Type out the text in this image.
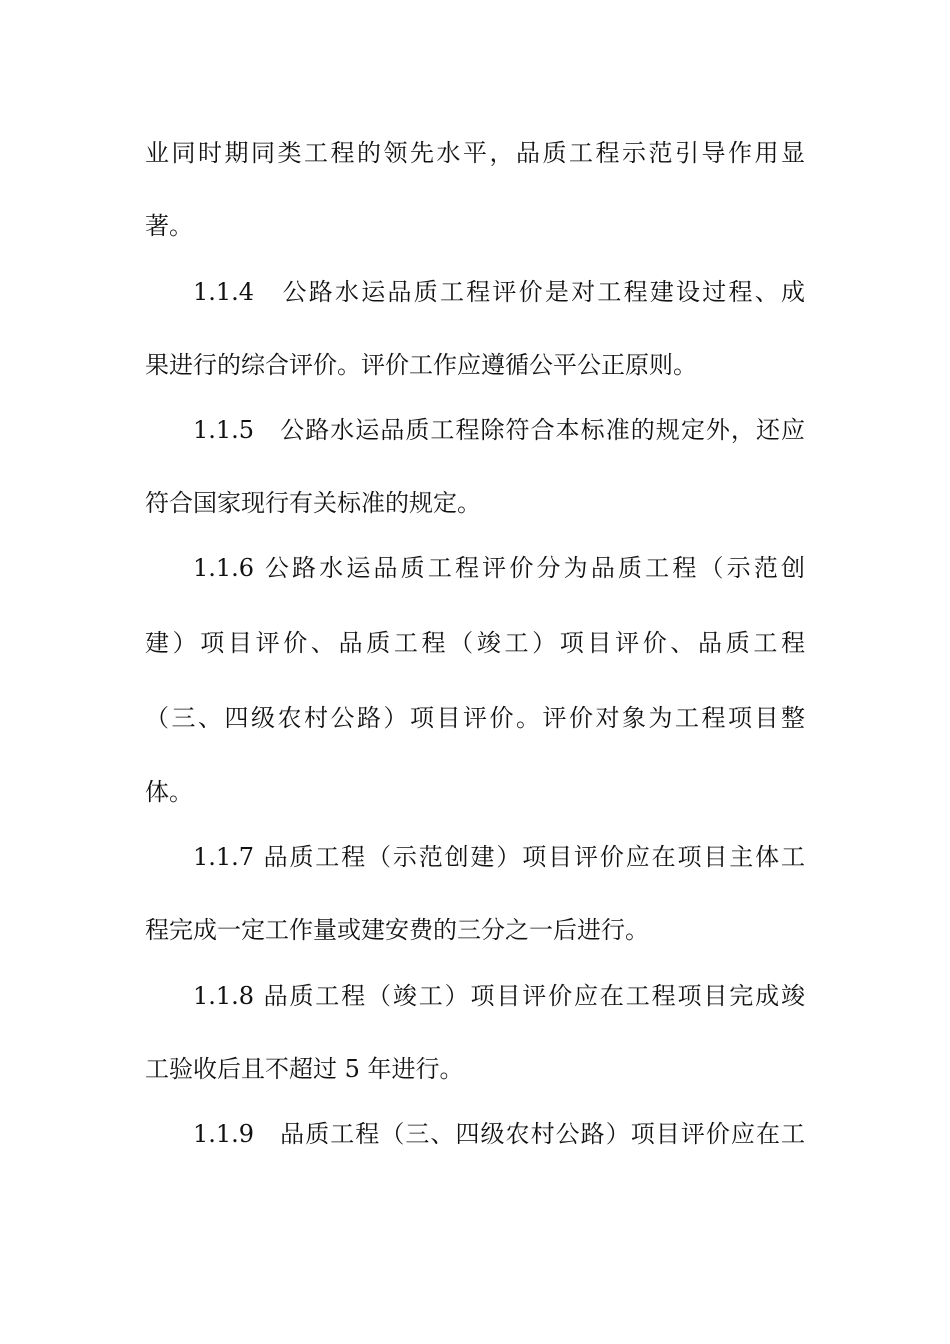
业同时期同类工程的领先水平，品质工程示范引导作用显
著。
1.1.4　公路水运品质工程评价是对工程建设过程、成
果进行的综合评价。评价工作应遵循公平公正原则。
1.1.5　公路水运品质工程除符合本标准的规定外，还应
符合国家现行有关标准的规定。
1.1.6 公路水运品质工程评价分为品质工程（示范创
建）项目评价、品质工程（竣工）项目评价、品质工程
（三、四级农村公路）项目评价。评价对象为工程项目整
体。
1.1.7 品质工程（示范创建）项目评价应在项目主体工
程完成一定工作量或建安费的三分之一后进行。
1.1.8 品质工程（竣工）项目评价应在工程项目完成竣
工验收后且不超过 5 年进行。
1.1.9　品质工程（三、四级农村公路）项目评价应在工
